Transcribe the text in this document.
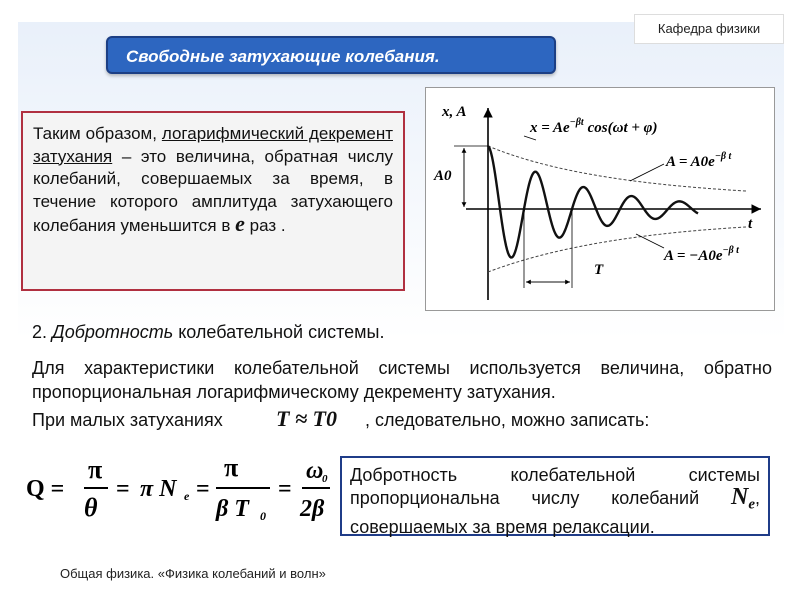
Кафедра физики
Свободные затухающие колебания.
Таким образом, логарифмический декремент затухания – это величина, обратная числу колебаний, совершаемых за время, в течение которого амплитуда затухающего колебания уменьшится в e раз .
x, A
t
A0
T
$x = Ae^{-\beta t}$ cos(ωt + φ)
$A = A0e^{-\beta t}$
$A = -A0e^{-\beta t}$
2. Добротность колебательной системы.
Для характеристики колебательной системы используется величина, обратно пропорциональная логарифмическому декременту затухания.
При малых затуханиях T ≈ T0 , следовательно, можно записать:
Q =
π
θ
= π N e =
π
β T 0
=
ω
0
2β
Добротность колебательной системы пропорциональна числу колебаний $N_e$, совершаемых за время релаксации.
Общая физика. «Физика колебаний и волн»
